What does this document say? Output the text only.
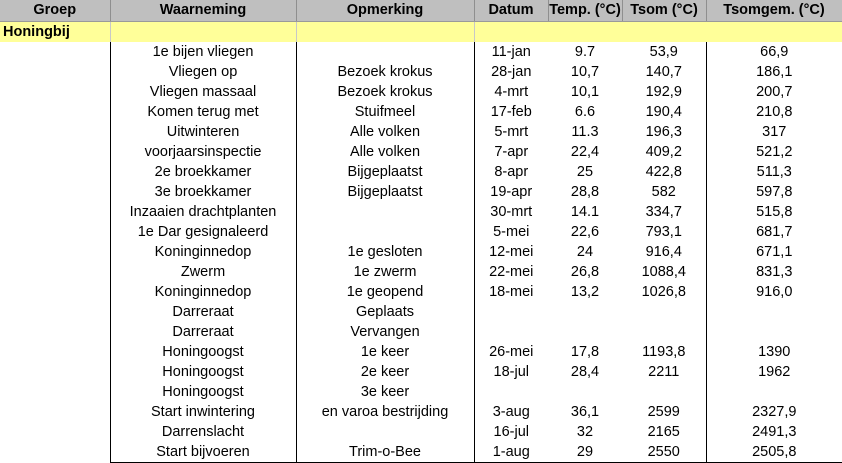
Groep	Waarneming	Opmerking	Datum	Temp. (°C)	Tsom (°C)	Tsomgem. (°C)
Honingbij						
	1e bijen vliegen		11-jan	9.7	53,9	66,9
	Vliegen op	Bezoek krokus	28-jan	10,7	140,7	186,1
	Vliegen massaal	Bezoek krokus	4-mrt	10,1	192,9	200,7
	Komen terug met	Stuifmeel	17-feb	6.6	190,4	210,8
	Uitwinteren	Alle volken	5-mrt	11.3	196,3	317
	voorjaarsinspectie	Alle volken	7-apr	22,4	409,2	521,2
	2e broekkamer	Bijgeplaatst	8-apr	25	422,8	511,3
	3e broekkamer	Bijgeplaatst	19-apr	28,8	582	597,8
	Inzaaien drachtplanten		30-mrt	14.1	334,7	515,8
	1e Dar gesignaleerd		5-mei	22,6	793,1	681,7
	Koninginnedop	1e gesloten	12-mei	24	916,4	671,1
	Zwerm	1e zwerm	22-mei	26,8	1088,4	831,3
	Koninginnedop	1e geopend	18-mei	13,2	1026,8	916,0
	Darreraat	Geplaats				
	Darreraat	Vervangen				
	Honingoogst	1e keer	26-mei	17,8	1193,8	1390
	Honingoogst	2e keer	18-jul	28,4	2211	1962
	Honingoogst	3e keer				
	Start inwintering	en varoa bestrijding	3-aug	36,1	2599	2327,9
	Darrenslacht		16-jul	32	2165	2491,3
	Start bijvoeren	Trim-o-Bee	1-aug	29	2550	2505,8
